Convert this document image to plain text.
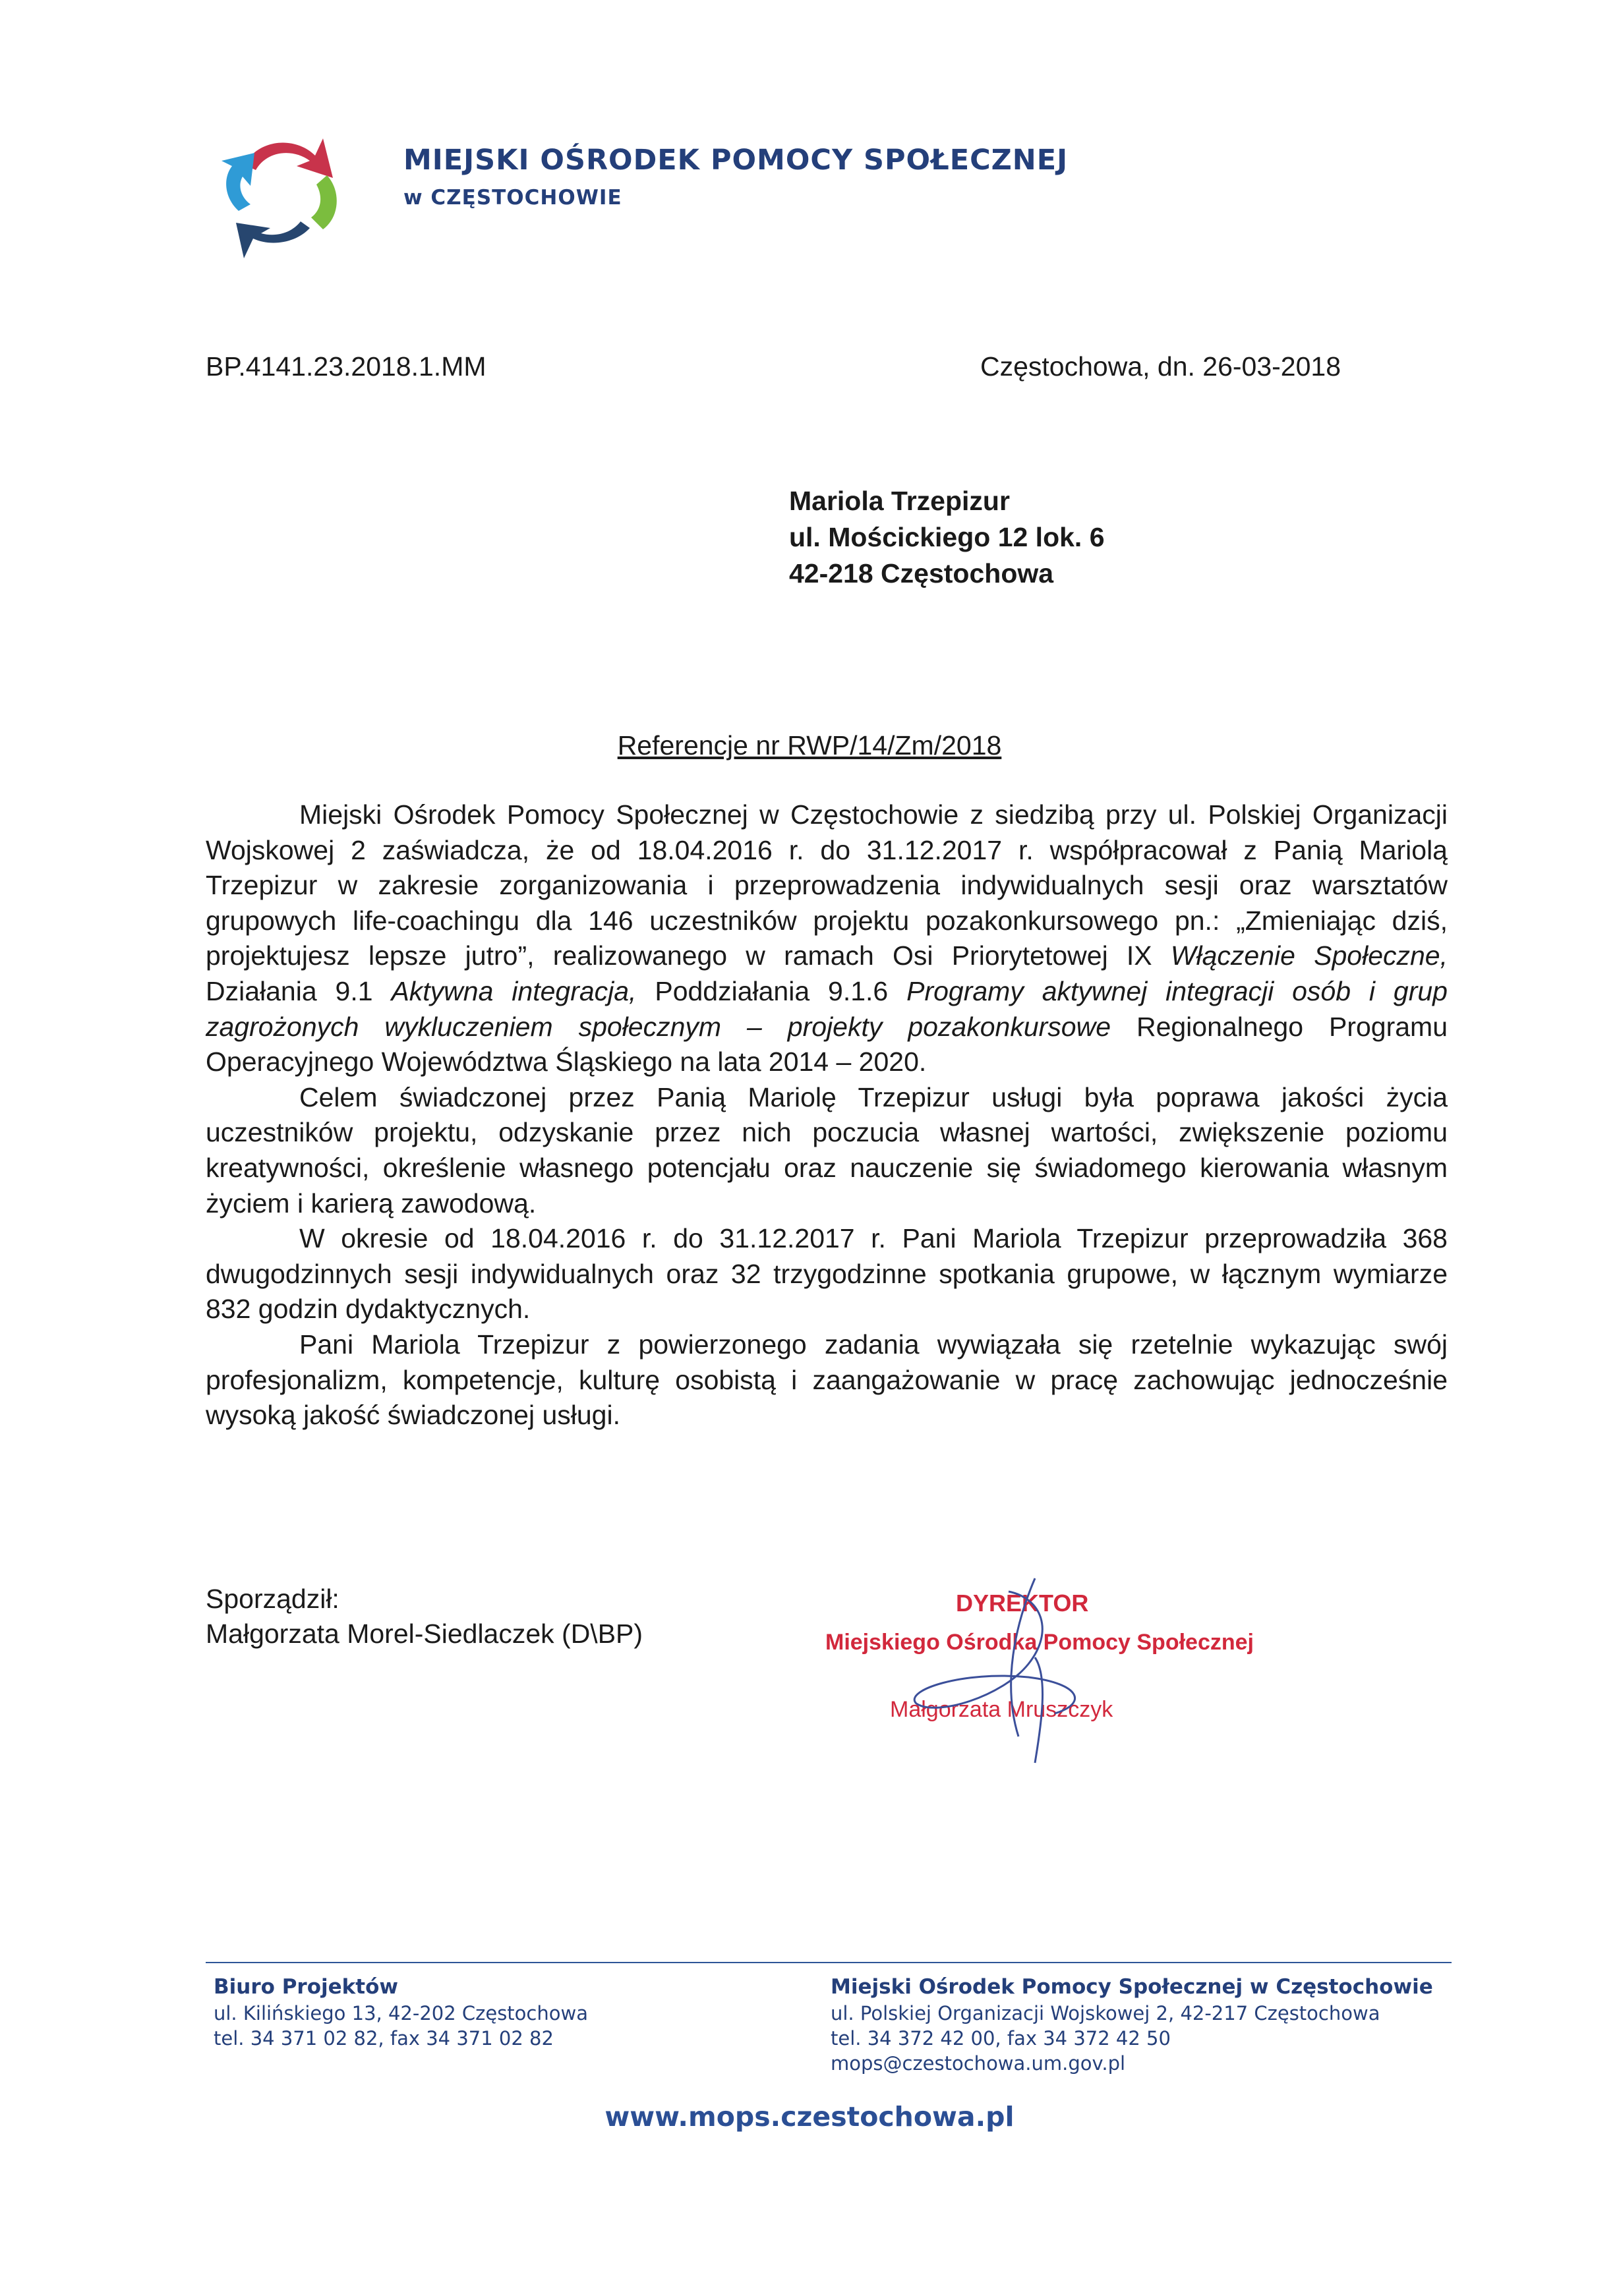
MIEJSKI OŚRODEK POMOCY SPOŁECZNEJ
w CZĘSTOCHOWIE
BP.4141.23.2018.1.MM	Częstochowa, dn. 26-03-2018
Mariola Trzepizur
ul. Mościckiego 12 lok. 6
42-218 Częstochowa
Referencje nr RWP/14/Zm/2018

Miejski Ośrodek Pomocy Społecznej w Częstochowie z siedzibą przy ul. Polskiej Organizacji Wojskowej 2 zaświadcza, że od 18.04.2016 r. do 31.12.2017 r. współpracował z Panią Mariolą Trzepizur w zakresie zorganizowania i przeprowadzenia indywidualnych sesji oraz warsztatów grupowych life-coachingu dla 146 uczestników projektu pozakonkursowego pn.: „Zmieniając dziś, projektujesz lepsze jutro”, realizowanego w ramach Osi Priorytetowej IX Włączenie Społeczne, Działania 9.1 Aktywna integracja, Poddziałania 9.1.6 Programy aktywnej integracji osób i grup zagrożonych wykluczeniem społecznym – projekty pozakonkursowe Regionalnego Programu Operacyjnego Województwa Śląskiego na lata 2014 – 2020.

Celem świadczonej przez Panią Mariolę Trzepizur usługi była poprawa jakości życia uczestników projektu, odzyskanie przez nich poczucia własnej wartości, zwiększenie poziomu kreatywności, określenie własnego potencjału oraz nauczenie się świadomego kierowania własnym życiem i karierą zawodową.

W okresie od 18.04.2016 r. do 31.12.2017 r. Pani Mariola Trzepizur przeprowadziła 368 dwugodzinnych sesji indywidualnych oraz 32 trzygodzinne spotkania grupowe, w łącznym wymiarze 832 godzin dydaktycznych.

Pani Mariola Trzepizur z powierzonego zadania wywiązała się rzetelnie wykazując swój profesjonalizm, kompetencje, kulturę osobistą i zaangażowanie w pracę zachowując jednocześnie wysoką jakość świadczonej usługi.

Sporządził:
Małgorzata Morel-Siedlaczek (D\BP)
DYREKTOR
Miejskiego Ośrodka Pomocy Społecznej
Małgorzata Mruszczyk
Biuro Projektów
ul. Kilińskiego 13, 42-202 Częstochowa
tel. 34 371 02 82, fax 34 371 02 82
Miejski Ośrodek Pomocy Społecznej w Częstochowie
ul. Polskiej Organizacji Wojskowej 2, 42-217 Częstochowa
tel. 34 372 42 00, fax 34 372 42 50
mops@czestochowa.um.gov.pl
www.mops.czestochowa.pl
